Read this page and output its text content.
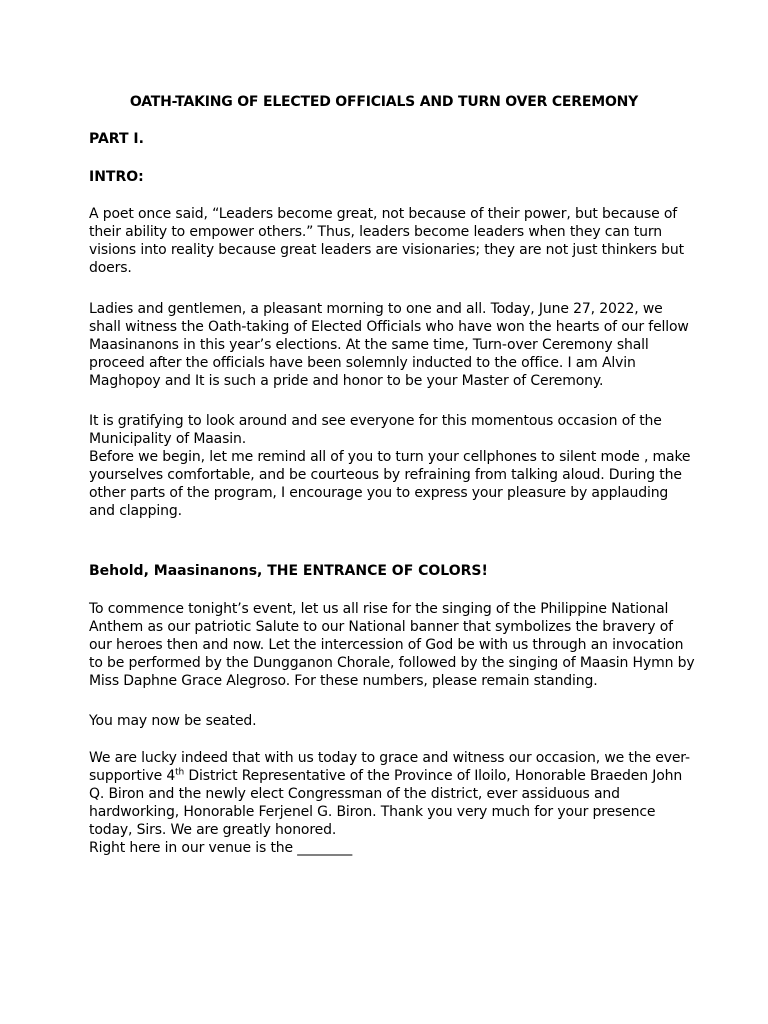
OATH-TAKING OF ELECTED OFFICIALS AND TURN OVER CEREMONY
PART I.
INTRO:
A poet once said, “Leaders become great, not because of their power, but because of
their ability to empower others.” Thus, leaders become leaders when they can turn
visions into reality because great leaders are visionaries; they are not just thinkers but
doers.
Ladies and gentlemen, a pleasant morning to one and all. Today, June 27, 2022, we
shall witness the Oath-taking of Elected Officials who have won the hearts of our fellow
Maasinanons in this year’s elections. At the same time, Turn-over Ceremony shall
proceed after the officials have been solemnly inducted to the office. I am Alvin
Maghopoy and It is such a pride and honor to be your Master of Ceremony.
It is gratifying to look around and see everyone for this momentous occasion of the
Municipality of Maasin.
Before we begin, let me remind all of you to turn your cellphones to silent mode , make
yourselves comfortable, and be courteous by refraining from talking aloud. During the
other parts of the program, I encourage you to express your pleasure by applauding
and clapping.
Behold, Maasinanons, THE ENTRANCE OF COLORS!
To commence tonight’s event, let us all rise for the singing of the Philippine National
Anthem as our patriotic Salute to our National banner that symbolizes the bravery of
our heroes then and now. Let the intercession of God be with us through an invocation
to be performed by the Dungganon Chorale, followed by the singing of Maasin Hymn by
Miss Daphne Grace Alegroso. For these numbers, please remain standing.
You may now be seated.
We are lucky indeed that with us today to grace and witness our occasion, we the ever-
supportive 4th District Representative of the Province of Iloilo, Honorable Braeden John
Q. Biron and the newly elect Congressman of the district, ever assiduous and
hardworking, Honorable Ferjenel G. Biron. Thank you very much for your presence
today, Sirs. We are greatly honored.
Right here in our venue is the ________
